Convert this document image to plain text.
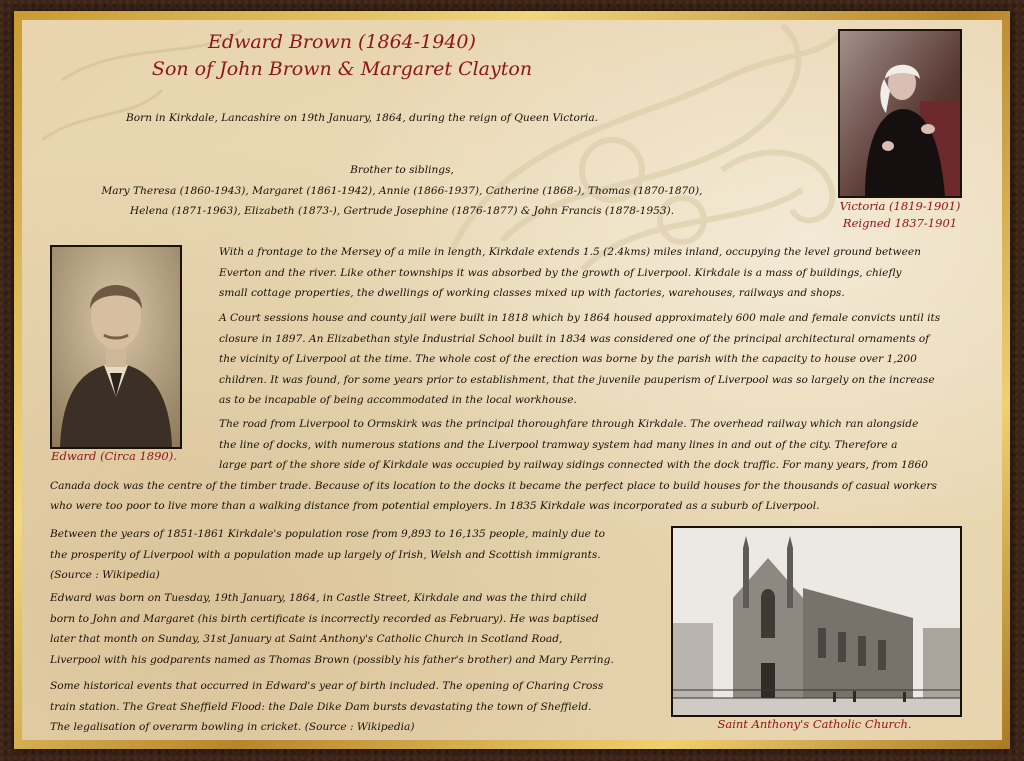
Edward Brown (1864-1940)
Son of John Brown & Margaret Clayton
Born in Kirkdale, Lancashire on 19th January, 1864, during the reign of Queen Victoria.
Brother to siblings,
Mary Theresa (1860-1943), Margaret (1861-1942), Annie (1866-1937), Catherine (1868-), Thomas (1870-1870),
Helena (1871-1963), Elizabeth (1873-), Gertrude Josephine (1876-1877) & John Francis (1878-1953).	Victoria (1819-1901)
Reigned 1837-1901
Edward (Circa 1890).
With a frontage to the Mersey of a mile in length, Kirkdale extends 1.5 (2.4kms) miles inland, occupying the level ground between
Everton and the river. Like other townships it was absorbed by the growth of Liverpool. Kirkdale is a mass of buildings, chiefly
small cottage properties, the dwellings of working classes mixed up with factories, warehouses, railways and shops.
A Court sessions house and county jail were built in 1818 which by 1864 housed approximately 600 male and female convicts until its
closure in 1897. An Elizabethan style Industrial School built in 1834 was considered one of the principal architectural ornaments of
the vicinity of Liverpool at the time. The whole cost of the erection was borne by the parish with the capacity to house over 1,200
children. It was found, for some years prior to establishment, that the juvenile pauperism of Liverpool was so largely on the increase
as to be incapable of being accommodated in the local workhouse.
The road from Liverpool to Ormskirk was the principal thoroughfare through Kirkdale. The overhead railway which ran alongside
the line of docks, with numerous stations and the Liverpool tramway system had many lines in and out of the city. Therefore a
large part of the shore side of Kirkdale was occupied by railway sidings connected with the dock traffic. For many years, from 1860
Canada dock was the centre of the timber trade. Because of its location to the docks it became the perfect place to build houses for the thousands of casual workers
who were too poor to live more than a walking distance from potential employers. In 1835 Kirkdale was incorporated as a suburb of Liverpool.
Between the years of 1851-1861 Kirkdale's population rose from 9,893 to 16,135 people, mainly due to
the prosperity of Liverpool with a population made up largely of Irish, Welsh and Scottish immigrants.
(Source : Wikipedia)
Edward was born on Tuesday, 19th January, 1864, in Castle Street, Kirkdale and was the third child
born to John and Margaret (his birth certificate is incorrectly recorded as February). He was baptised
later that month on Sunday, 31st January at Saint Anthony's Catholic Church in Scotland Road,
Liverpool with his godparents named as Thomas Brown (possibly his father's brother) and Mary Perring.
Some historical events that occurred in Edward's year of birth included. The opening of Charing Cross
train station. The Great Sheffield Flood: the Dale Dike Dam bursts devastating the town of Sheffield.
The legalisation of overarm bowling in cricket. (Source : Wikipedia)	Saint Anthony's Catholic Church.
